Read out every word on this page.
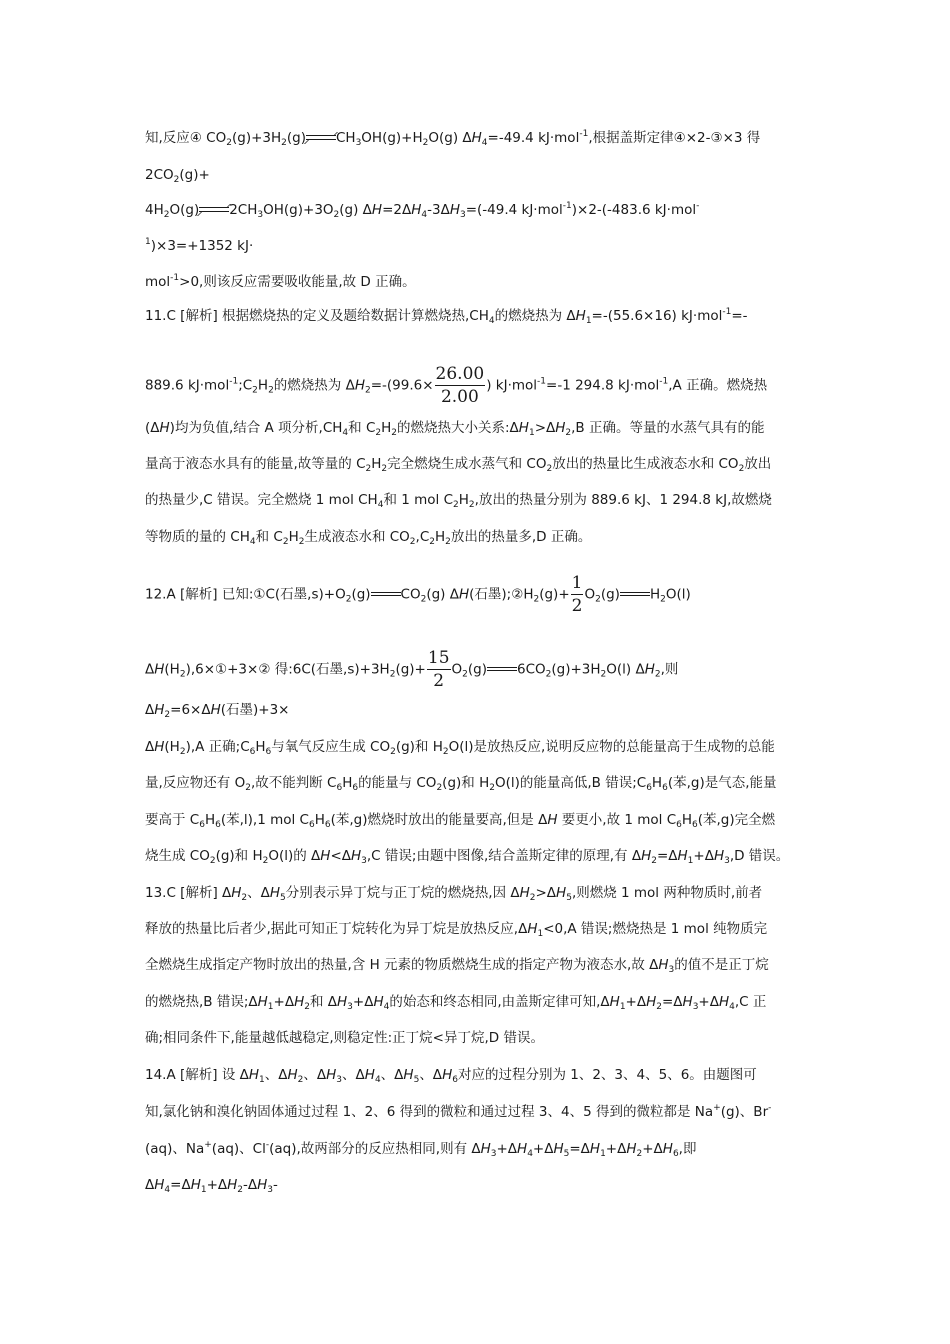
知,反应④ $CO_2(g)+3H_2(g)$ $CH_3OH(g)+H_2O(g)$ $\Delta H_4=-49.4$ kJ·mol$^{-1}$,根据盖斯定律④×2-③×3 得
$2CO_2(g)+$
$4H_2O(g)$ $2CH_3OH(g)+3O_2(g)$ $\Delta H=2\Delta H_4-3\Delta H_3=(-49.4$ kJ·mol$^{-1}$)×2-(-483.6 kJ·mol-
$^1$)×3=+1352 kJ·
mol$^{-1}$>0,则该反应需要吸收能量,故 D 正确。
11.C [解析] 根据燃烧热的定义及题给数据计算燃烧热$,CH_4$的燃烧热为 $\Delta H_1=-(55.6\times 16)$ kJ·mol$^{-1}$=-
889.6 $kJ\cdot mol^{-1};C_2H_2$的燃烧热为 $\Delta H_2=-(99.6\times \frac{26.00}{2.00}$ ) kJ·mol$^{-1}$=-1 294.8 kJ·mol$^{-1}$,A 正确。燃烧热
(ΔH)均为负值,结合 A 项分析$,CH_4$和 $C_2H_2$的燃烧热大小关系$:\Delta H_1>\Delta H_2,B$ 正确。等量的水蒸气具有的能
量高于液态水具有的能量,故等量的 $C_2H_2$完全燃烧生成水蒸气和 $CO_2$放出的热量比生成液态水和 $CO_2$放出
的热量少,C 错误。完全燃烧 1 mol $CH_4$和 1 mol $C_2H_2$,放出的热量分别为 889.6 kJ、1 294.8 kJ,故燃烧
等物质的量的 $CH_4$和 $C_2H_2$生成液态水和 $CO_2,C_2H_2$放出的热量多,D 正确。
12.A [解析] 已知:①C(石墨$,s)+O_2(g)$ $CO_2(g)$ ΔH(石墨)$;②H_2(g)+ \frac{1}{2} O_2(g)$ $H_2O(l)$
$\Delta H(H_2),6\times ①+3\times ②$ 得:6C(石墨$,s)+3H_2(g)+ \frac{15}{2} O_2(g)$ $6CO_2(g)+3H_2O(l)$ $\Delta H_2$,则
$\Delta H_2=6\times\Delta H$(石墨)+3×
$\Delta H(H_2),A$ 正确$;C_6H_6$与氧气反应生成 $CO_2(g)$和 $H_2O(l)$是放热反应,说明反应物的总能量高于生成物的总能
量,反应物还有 $O_2$,故不能判断 $C_6H_6$的能量与 $CO_2(g)$和 $H_2O(l)$的能量高低,B 错误$;C_6H_6$(苯,g)是气态,能量
要高于 $C_6H_6$(苯,l),1 mol $C_6H_6$(苯,g)燃烧时放出的能量要高,但是 ΔH 要更小,故 1 mol $C_6H_6$(苯,g)完全燃
烧生成 $CO_2(g)$和 $H_2O(l)$的 $\Delta H<\Delta H_3,C$ 错误;由题中图像,结合盖斯定律的原理,有 $\Delta H_2=\Delta H_1+\Delta H_3,D$ 错误。
13.C [解析] $\Delta H_2$、$\Delta H_5$分别表示异丁烷与正丁烷的燃烧热,因 $\Delta H_2>\Delta H_5$,则燃烧 1 mol 两种物质时,前者
释放的热量比后者少,据此可知正丁烷转化为异丁烷是放热反应$,\Delta H_1<0,A$ 错误;燃烧热是 1 mol 纯物质完
全燃烧生成指定产物时放出的热量,含 H 元素的物质燃烧生成的指定产物为液态水,故 $\Delta H_3$的值不是正丁烷
的燃烧热,B 错误$;\Delta H_1+\Delta H_2$和 $\Delta H_3+\Delta H_4$的始态和终态相同,由盖斯定律可知$,\Delta H_1+\Delta H_2=\Delta H_3+\Delta H_4,C$ 正
确;相同条件下,能量越低越稳定,则稳定性:正丁烷<异丁烷,D 错误。
14.A [解析] 设 $\Delta H_1$、$\Delta H_2$、$\Delta H_3$、$\Delta H_4$、$\Delta H_5$、$\Delta H_6$对应的过程分别为 1、2、3、4、5、6。由题图可
知,氯化钠和溴化钠固体通过过程 1、2、6 得到的微粒和通过过程 3、4、5 得到的微粒都是 Na+(g)、Br-
(aq)、Na+(aq)、Cl-(aq),故两部分的反应热相同,则有 $\Delta H_3+\Delta H_4+\Delta H_5=\Delta H_1+\Delta H_2+\Delta H_6$,即
$\Delta H_4=\Delta H_1+\Delta H_2-\Delta H_3-$
